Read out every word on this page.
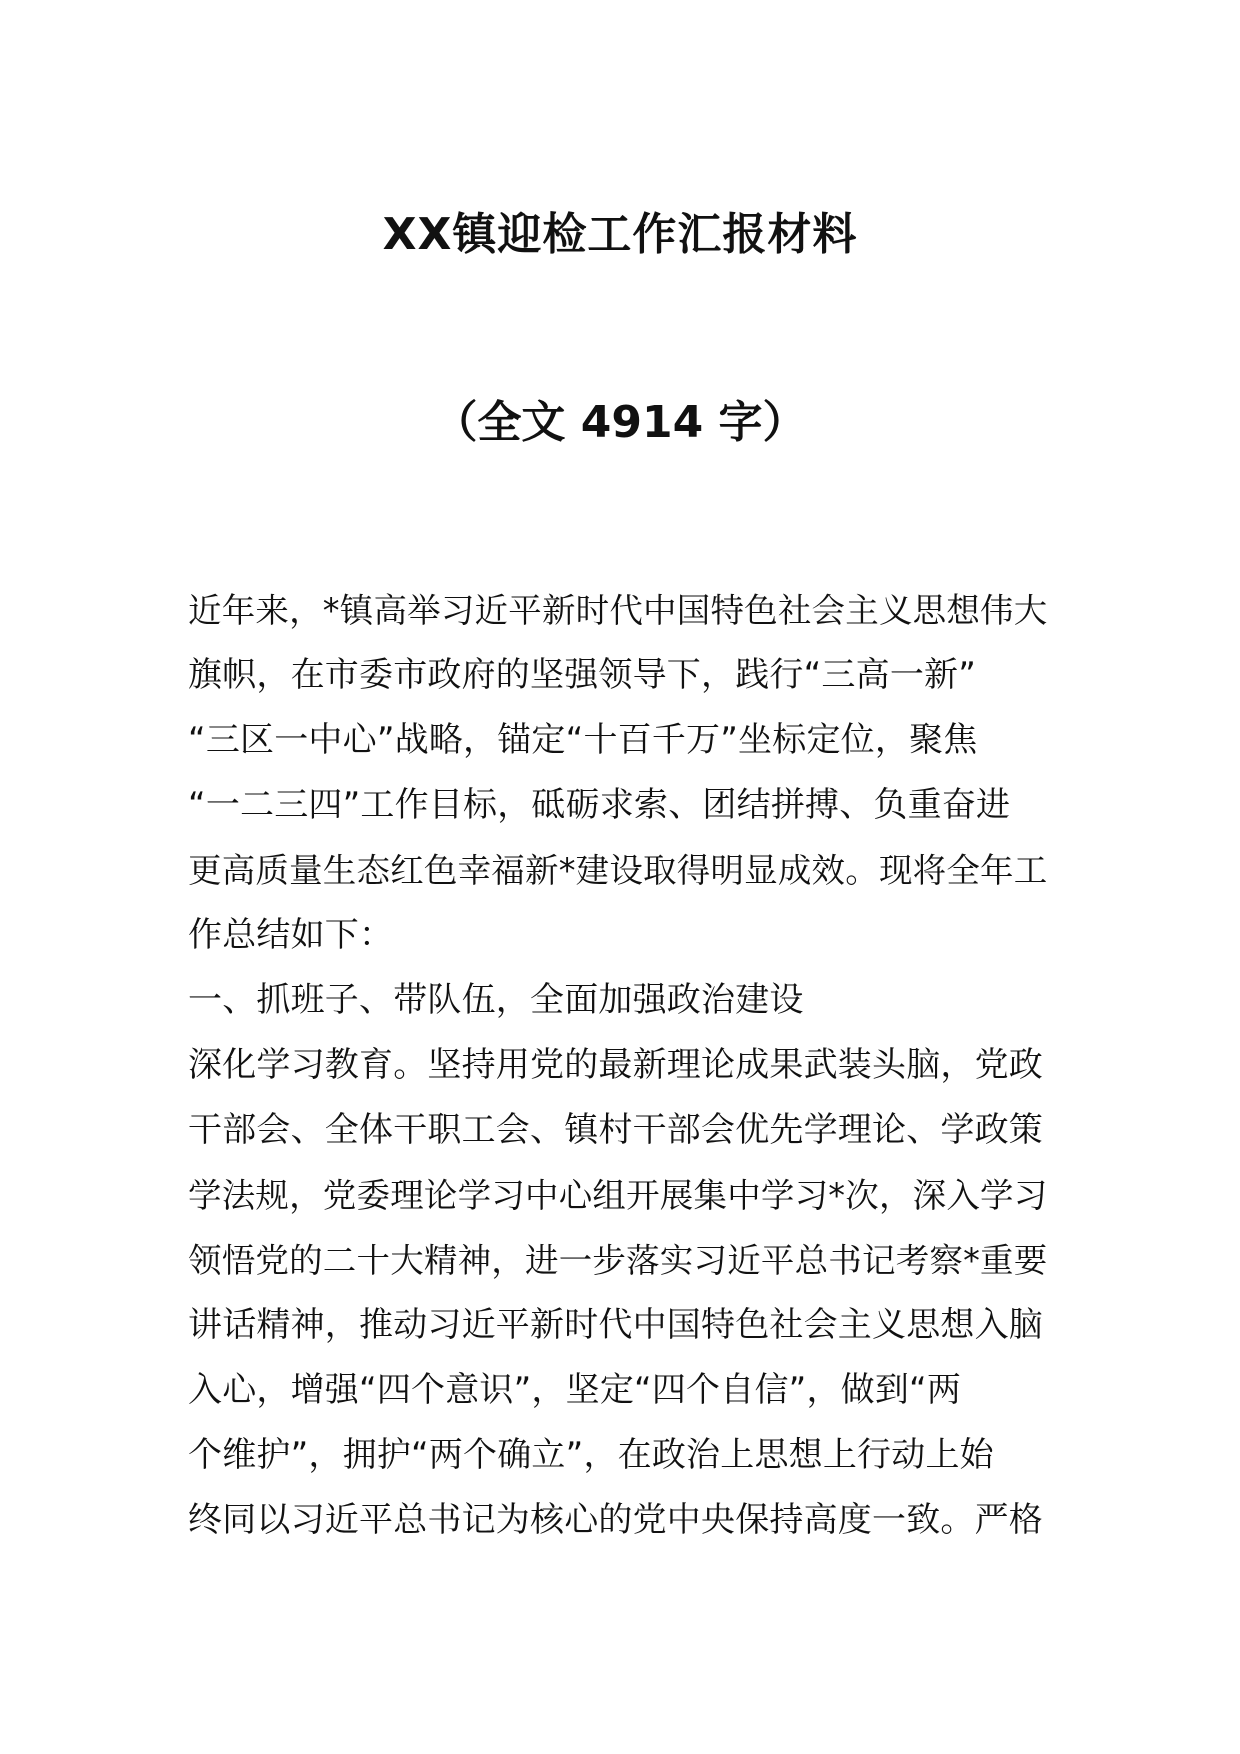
XX镇迎检工作汇报材料
（全文 4914 字）
近年来，*镇高举习近平新时代中国特色社会主义思想伟大
旗帜，在市委市政府的坚强领导下，践行“三高一新”
“三区一中心”战略，锚定“十百千万”坐标定位，聚焦
“一二三四”工作目标，砥砺求索、团结拼搏、负重奋进
更高质量生态红色幸福新*建设取得明显成效。现将全年工
作总结如下：
一、抓班子、带队伍，全面加强政治建设
深化学习教育。坚持用党的最新理论成果武装头脑，党政
干部会、全体干职工会、镇村干部会优先学理论、学政策
学法规，党委理论学习中心组开展集中学习*次，深入学习
领悟党的二十大精神，进一步落实习近平总书记考察*重要
讲话精神，推动习近平新时代中国特色社会主义思想入脑
入心，增强“四个意识”，坚定“四个自信”，做到“两
个维护”，拥护“两个确立”，在政治上思想上行动上始
终同以习近平总书记为核心的党中央保持高度一致。严格
